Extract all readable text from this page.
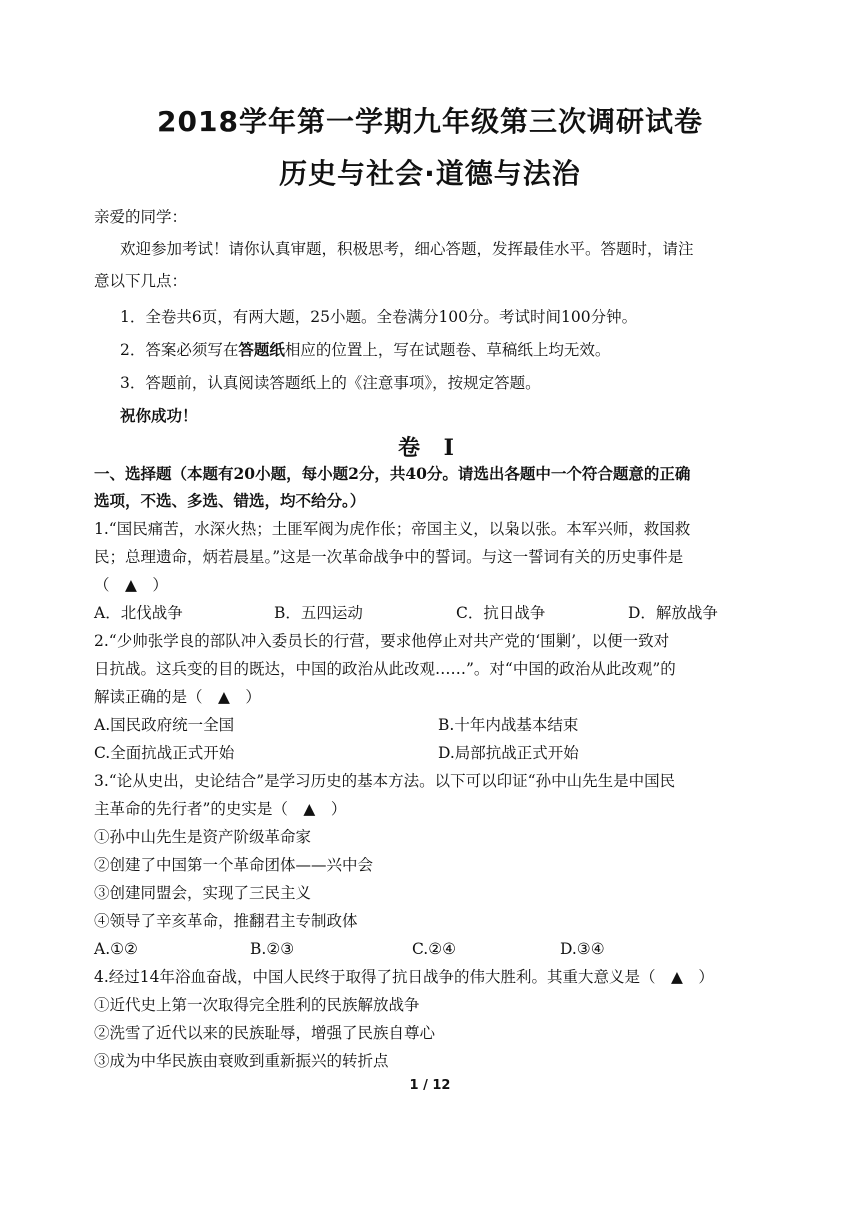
2018学年第一学期九年级第三次调研试卷
历史与社会·道德与法治
亲爱的同学：
欢迎参加考试！请你认真审题，积极思考，细心答题，发挥最佳水平。答题时，请注
意以下几点：
1．全卷共6页，有两大题，25小题。全卷满分100分。考试时间100分钟。
2．答案必须写在答题纸相应的位置上，写在试题卷、草稿纸上均无效。
3．答题前，认真阅读答题纸上的《注意事项》，按规定答题。
祝你成功！
卷 Ⅰ
一、选择题（本题有20小题，每小题2分，共40分。请选出各题中一个符合题意的正确
选项，不选、多选、错选，均不给分。）
1.“国民痛苦，水深火热；土匪军阀为虎作伥；帝国主义，以枭以张。本军兴师，救国救
民；总理遗命，炳若晨星。”这是一次革命战争中的誓词。与这一誓词有关的历史事件是
（　▲　）
A．北伐战争	B．五四运动	C．抗日战争	D．解放战争
2.“少帅张学良的部队冲入委员长的行营，要求他停止对共产党的‘围剿’，以便一致对
日抗战。这兵变的目的既达，中国的政治从此改观……”。对“中国的政治从此改观”的
解读正确的是（　▲　）
A.国民政府统一全国	B.十年内战基本结束
C.全面抗战正式开始	D.局部抗战正式开始
3.“论从史出，史论结合”是学习历史的基本方法。以下可以印证“孙中山先生是中国民
主革命的先行者”的史实是（　▲　）
①孙中山先生是资产阶级革命家
②创建了中国第一个革命团体——兴中会
③创建同盟会，实现了三民主义
④领导了辛亥革命，推翻君主专制政体
A.①②	B.②③	C.②④	D.③④
4.经过14年浴血奋战，中国人民终于取得了抗日战争的伟大胜利。其重大意义是（　▲　）
①近代史上第一次取得完全胜利的民族解放战争
②洗雪了近代以来的民族耻辱，增强了民族自尊心
③成为中华民族由衰败到重新振兴的转折点
1 / 12
